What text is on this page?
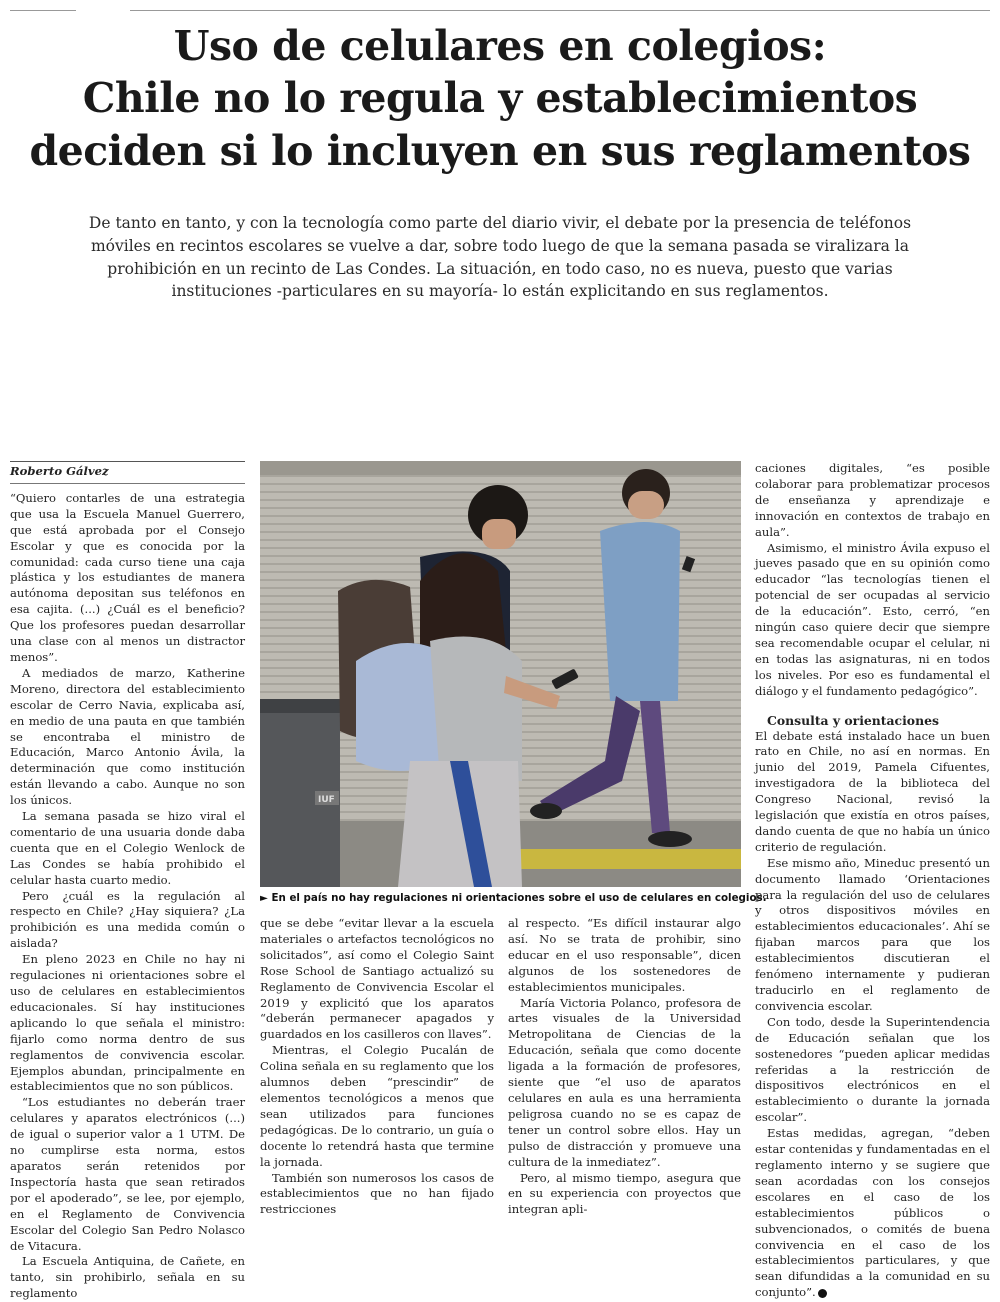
Uso de celulares en colegios:
Chile no lo regula y establecimientos
deciden si lo incluyen en sus reglamentos

De tanto en tanto, y con la tecnología como parte del diario vivir, el debate por la presencia de teléfonos móviles en recintos escolares se vuelve a dar, sobre todo luego de que la semana pasada se viralizara la prohibición en un recinto de Las Condes. La situación, en todo caso, no es nueva, puesto que varias instituciones -particulares en su mayoría- lo están explicitando en sus reglamentos.

Roberto Gálvez

“Quiero contarles de una estrategia que usa la Escuela Manuel Guerrero, que está aprobada por el Consejo Escolar y que es conocida por la comunidad: cada curso tiene una caja plástica y los estudiantes de manera autónoma depositan sus teléfonos en esa cajita. (...) ¿Cuál es el beneficio? Que los profesores puedan desarrollar una clase con al menos un distractor menos”.

A mediados de marzo, Katherine Moreno, directora del establecimiento escolar de Cerro Navia, explicaba así, en medio de una pauta en que también se encontraba el ministro de Educación, Marco Antonio Ávila, la determinación que como institución están llevando a cabo. Aunque no son los únicos.

La semana pasada se hizo viral el comentario de una usuaria donde daba cuenta que en el Colegio Wenlock de Las Condes se había prohibido el celular hasta cuarto medio.

Pero ¿cuál es la regulación al respecto en Chile? ¿Hay siquiera? ¿La prohibición es una medida común o aislada?

En pleno 2023 en Chile no hay ni regulaciones ni orientaciones sobre el uso de celulares en establecimientos educacionales. Sí hay instituciones aplicando lo que señala el ministro: fijarlo como norma dentro de sus reglamentos de convivencia escolar. Ejemplos abundan, principalmente en establecimientos que no son públicos.

“Los estudiantes no deberán traer celulares y aparatos electrónicos (...) de igual o superior valor a 1 UTM. De no cumplirse esta norma, estos aparatos serán retenidos por Inspectoría hasta que sean retirados por el apoderado”, se lee, por ejemplo, en el Reglamento de Convivencia Escolar del Colegio San Pedro Nolasco de Vitacura.

La Escuela Antiquina, de Cañete, en tanto, sin prohibirlo, señala en su reglamento

IUF

► En el país no hay regulaciones ni orientaciones sobre el uso de celulares en colegios.

que se debe “evitar llevar a la escuela materiales o artefactos tecnológicos no solicitados”, así como el Colegio Saint Rose School de Santiago actualizó su Reglamento de Convivencia Escolar el 2019 y explicitó que los aparatos “deberán permanecer apagados y guardados en los casilleros con llaves”.

Mientras, el Colegio Pucalán de Colina señala en su reglamento que los alumnos deben “prescindir” de elementos tecnológicos a menos que sean utilizados para funciones pedagógicas. De lo contrario, un guía o docente lo retendrá hasta que termine la jornada.

También son numerosos los casos de establecimientos que no han fijado restricciones

al respecto. “Es difícil instaurar algo así. No se trata de prohibir, sino educar en el uso responsable”, dicen algunos de los sostenedores de establecimientos municipales.

María Victoria Polanco, profesora de artes visuales de la Universidad Metropolitana de Ciencias de la Educación, señala que como docente ligada a la formación de profesores, siente que “el uso de aparatos celulares en aula es una herramienta peligrosa cuando no se es capaz de tener un control sobre ellos. Hay un pulso de distracción y promueve una cultura de la inmediatez”.

Pero, al mismo tiempo, asegura que en su experiencia con proyectos que integran apli-

caciones digitales, “es posible colaborar para problematizar procesos de enseñanza y aprendizaje e innovación en contextos de trabajo en aula”.

Asimismo, el ministro Ávila expuso el jueves pasado que en su opinión como educador “las tecnologías tienen el potencial de ser ocupadas al servicio de la educación”. Esto, cerró, “en ningún caso quiere decir que siempre sea recomendable ocupar el celular, ni en todas las asignaturas, ni en todos los niveles. Por eso es fundamental el diálogo y el fundamento pedagógico”.

Consulta y orientaciones

El debate está instalado hace un buen rato en Chile, no así en normas. En junio del 2019, Pamela Cifuentes, investigadora de la biblioteca del Congreso Nacional, revisó la legislación que existía en otros países, dando cuenta de que no había un único criterio de regulación.

Ese mismo año, Mineduc presentó un documento llamado ‘Orientaciones para la regulación del uso de celulares y otros dispositivos móviles en establecimientos educacionales’. Ahí se fijaban marcos para que los establecimientos discutieran el fenómeno internamente y pudieran traducirlo en el reglamento de convivencia escolar.

Con todo, desde la Superintendencia de Educación señalan que los sostenedores “pueden aplicar medidas referidas a la restricción de dispositivos electrónicos en el establecimiento o durante la jornada escolar”.

Estas medidas, agregan, “deben estar contenidas y fundamentadas en el reglamento interno y se sugiere que sean acordadas con los consejos escolares en el caso de los establecimientos públicos o subvencionados, o comités de buena convivencia en el caso de los establecimientos particulares, y que sean difundidas a la comunidad en su conjunto”.
